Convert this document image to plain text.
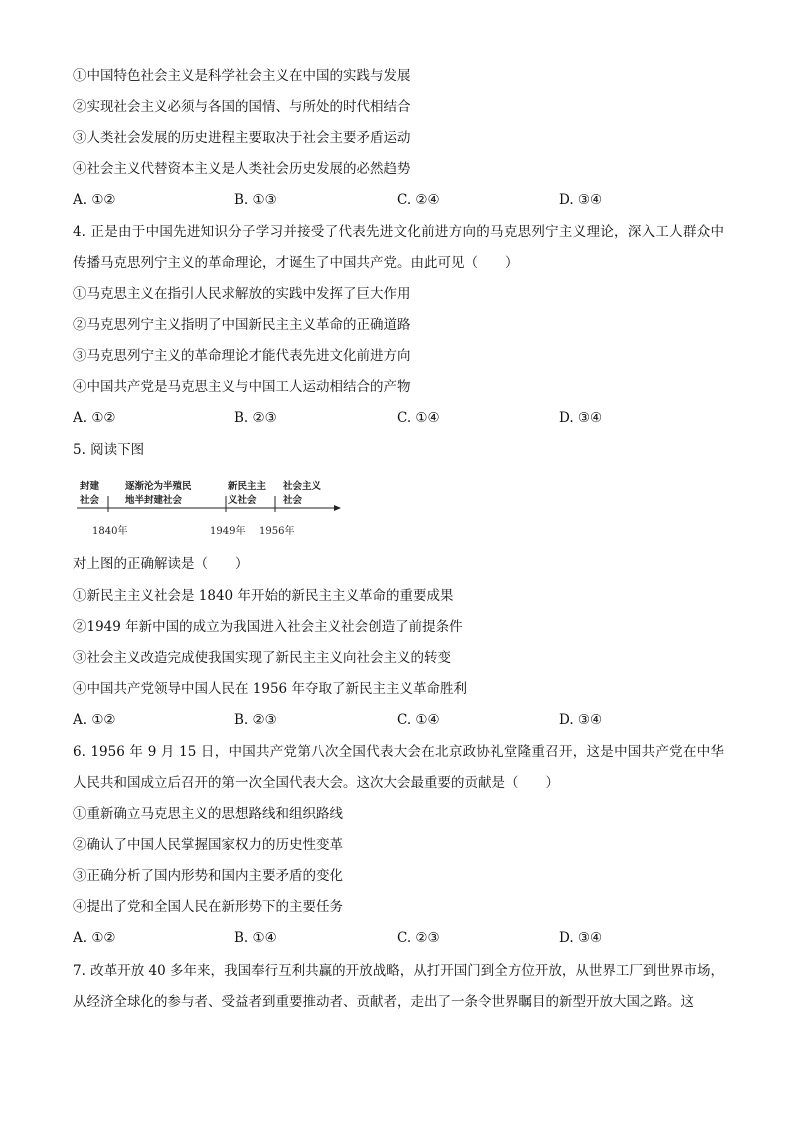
①中国特色社会主义是科学社会主义在中国的实践与发展
②实现社会主义必须与各国的国情、与所处的时代相结合
③人类社会发展的历史进程主要取决于社会主要矛盾运动
④社会主义代替资本主义是人类社会历史发展的必然趋势
A. ①②	B. ①③	C. ②④	D. ③④
4. 正是由于中国先进知识分子学习并接受了代表先进文化前进方向的马克思列宁主义理论，深入工人群众中传播马克思列宁主义的革命理论，才诞生了中国共产党。由此可见（　　）
①马克思主义在指引人民求解放的实践中发挥了巨大作用
②马克思列宁主义指明了中国新民主主义革命的正确道路
③马克思列宁主义的革命理论才能代表先进文化前进方向
④中国共产党是马克思主义与中国工人运动相结合的产物
A. ①②	B. ②③	C. ①④	D. ③④
5. 阅读下图
封建
社会
逐渐沦为半殖民
地半封建社会
新民主主
义社会
社会主义
社会
1840年	1949年 1956年
对上图的正确解读是（　　）
①新民主主义社会是 1840 年开始的新民主主义革命的重要成果
②1949 年新中国的成立为我国进入社会主义社会创造了前提条件
③社会主义改造完成使我国实现了新民主主义向社会主义的转变
④中国共产党领导中国人民在 1956 年夺取了新民主主义革命胜利
A. ①②	B. ②③	C. ①④	D. ③④
6. 1956 年 9 月 15 日，中国共产党第八次全国代表大会在北京政协礼堂隆重召开，这是中国共产党在中华人民共和国成立后召开的第一次全国代表大会。这次大会最重要的贡献是（　　）
①重新确立马克思主义的思想路线和组织路线
②确认了中国人民掌握国家权力的历史性变革
③正确分析了国内形势和国内主要矛盾的变化
④提出了党和全国人民在新形势下的主要任务
A. ①②	B. ①④	C. ②③	D. ③④
7. 改革开放 40 多年来，我国奉行互利共赢的开放战略，从打开国门到全方位开放，从世界工厂到世界市场，从经济全球化的参与者、受益者到重要推动者、贡献者，走出了一条令世界瞩目的新型开放大国之路。这
